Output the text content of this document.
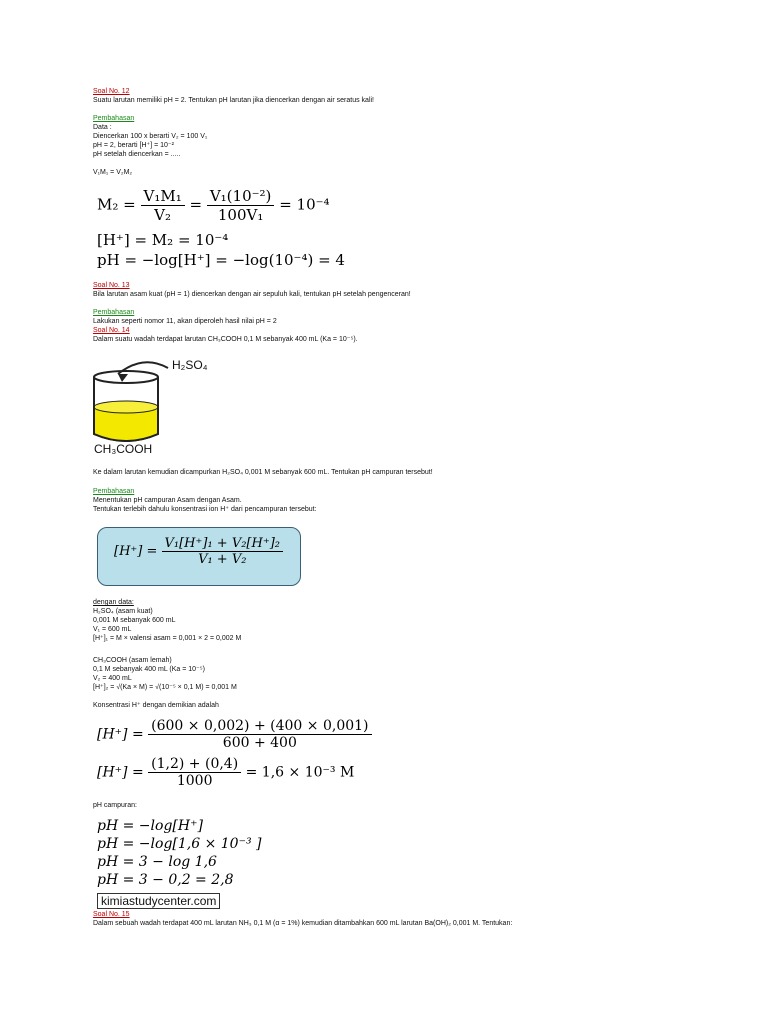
Soal No. 12
Suatu larutan memiliki pH = 2. Tentukan pH larutan jika diencerkan dengan air seratus kali!
Pembahasan
Data :
Diencerkan 100 x berarti V₂ = 100 V₁
pH = 2, berarti [H⁺] = 10⁻²
pH setelah diencerkan = .....
V₁M₁ = V₂M₂
$M_2 = \frac{\text{V₁M₁}}{\text{V₂}} = \frac{\text{V₁(10⁻²)}}{\text{100V₁}} = 10^{-4}$
[H⁺] = M₂ = 10⁻⁴
pH = −log[H⁺] = −log(10⁻⁴) = 4
Soal No. 13
Bila larutan asam kuat (pH = 1) diencerkan dengan air sepuluh kali, tentukan pH setelah pengenceran!
Pembahasan
Lakukan seperti nomor 11, akan diperoleh hasil nilai pH = 2
Soal No. 14
Dalam suatu wadah terdapat larutan CH₃COOH 0,1 M sebanyak 400 mL (Ka = 10⁻⁵).
H₂SO₄
CH₃COOH
Ke dalam larutan kemudian dicampurkan H₂SO₄ 0,001 M sebanyak 600 mL. Tentukan pH campuran tersebut!
Pembahasan
Menentukan pH campuran Asam dengan Asam.
Tentukan terlebih dahulu konsentrasi ion H⁺ dari pencampuran tersebut:
$[H^+] = \frac{\text{V₁[H⁺]₁ + V₂[H⁺]₂}}{\text{V₁ + V₂}}$
dengan data:
H₂SO₄ (asam kuat)
0,001 M sebanyak 600 mL
V₁ = 600 mL
[H⁺]₁ = M × valensi asam = 0,001 × 2 = 0,002 M
CH₃COOH (asam lemah)
0,1 M sebanyak 400 mL (Ka = 10⁻⁵)
V₂ = 400 mL
[H⁺]₂ = √(Ka × M) = √(10⁻⁵ × 0,1 M) = 0,001 M
Konsentrasi H⁺ dengan demikian adalah
$[H^+] = \frac{(600 \times 0,002) + (400 \times 0,001)}{600 + 400}$
$[H^+] = \frac{(1,2) + (0,4)}{1000} = 1,6 \times 10^{-3}$ M
pH campuran:
pH = −log[H⁺]
pH = −log[1,6 × 10⁻³ ]
pH = 3 − log 1,6
pH = 3 − 0,2 = 2,8
kimiastudycenter.com
Soal No. 15
Dalam sebuah wadah terdapat 400 mL larutan NH₃ 0,1 M (α = 1%) kemudian ditambahkan 600 mL larutan Ba(OH)₂ 0,001 M. Tentukan:
